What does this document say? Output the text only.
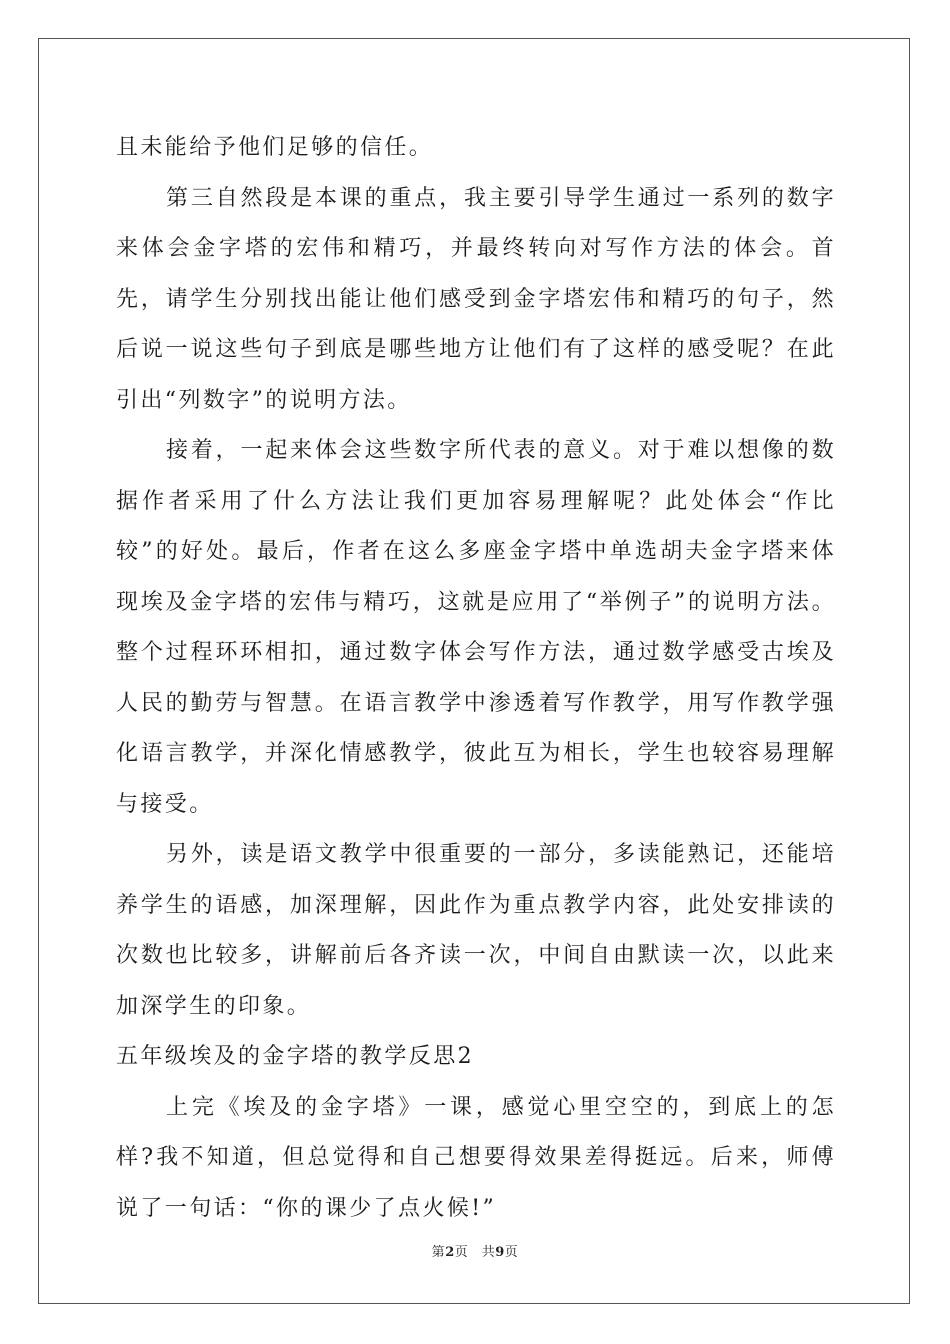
且未能给予他们足够的信任。

第三自然段是本课的重点，我主要引导学生通过一系列的数字来体会金字塔的宏伟和精巧，并最终转向对写作方法的体会。首先，请学生分别找出能让他们感受到金字塔宏伟和精巧的句子，然后说一说这些句子到底是哪些地方让他们有了这样的感受呢？在此引出“列数字”的说明方法。

接着，一起来体会这些数字所代表的意义。对于难以想像的数据作者采用了什么方法让我们更加容易理解呢？此处体会“作比较”的好处。最后，作者在这么多座金字塔中单选胡夫金字塔来体现埃及金字塔的宏伟与精巧，这就是应用了“举例子”的说明方法。整个过程环环相扣，通过数字体会写作方法，通过数学感受古埃及人民的勤劳与智慧。在语言教学中渗透着写作教学，用写作教学强化语言教学，并深化情感教学，彼此互为相长，学生也较容易理解与接受。

另外，读是语文教学中很重要的一部分，多读能熟记，还能培养学生的语感，加深理解，因此作为重点教学内容，此处安排读的次数也比较多，讲解前后各齐读一次，中间自由默读一次，以此来加深学生的印象。

五年级埃及的金字塔的教学反思2

上完《埃及的金字塔》一课，感觉心里空空的，到底上的怎样?我不知道，但总觉得和自己想要得效果差得挺远。后来，师傅说了一句话：“你的课少了点火候!”

第2页　共9页
